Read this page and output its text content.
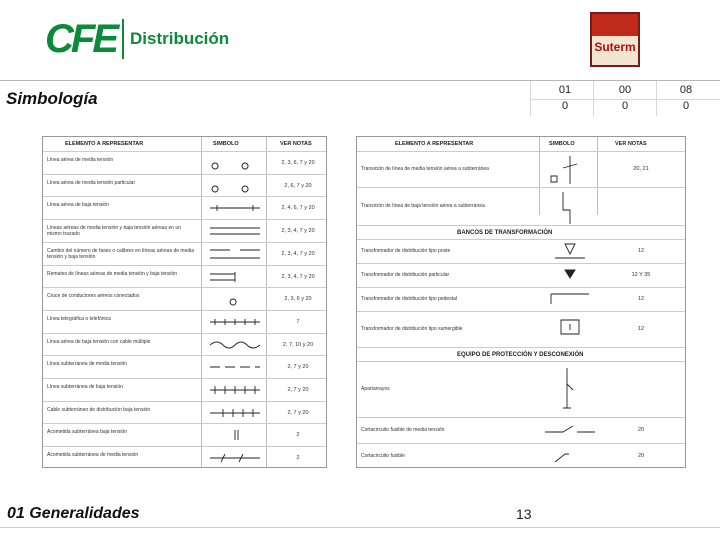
CFE Distribución	Suterm
Simbología	01	00	08
0	0	0
ELEMENTO A REPRESENTAR	SIMBOLO	VER NOTAS
Línea aérea de media tensión	2, 3, 6, 7 y 20
Línea aérea de media tensión particular	2, 6, 7 y 20
Línea aérea de baja tensión	2, 4, 6, 7 y 20
Líneas aéreas de media tensión y baja tensión aéreas en un mismo trazado	2, 3, 4, 7 y 20
Cambio del número de fases o calibres en líneas aéreas de media tensión y baja tensión	2, 3, 4, 7 y 20
Remates de líneas aéreas de media tensión y baja tensión	2, 3, 4, 7 y 20
Cruce de conductores aéreos conectados	2, 3, 6 y 20
Línea telegráfica o telefónica	7
Línea aérea de baja tensión con cable múltiple	2, 7, 10 y 20
Línea subterránea de media tensión	2, 7 y 20
Línea subterránea de baja tensión	2, 7 y 20
Cable subterráneo de distribución baja tensión	2, 7 y 20
Acometida subterránea baja tensión	2
Acometida subterránea de media tensión	2
ELEMENTO A REPRESENTAR	SIMBOLO	VER NOTAS
Transición de línea de media tensión aérea a subterránea	20, 21
Transición de línea de baja tensión aérea a subterránea
BANCOS DE TRANSFORMACIÓN
Transformador de distribución tipo poste	12
Transformador de distribución particular	12 Y 35
Transformador de distribución tipo pedestal	12
Transformador de distribución tipo sumergible	12
EQUIPO DE PROTECCIÓN Y DESCONEXIÓN
Apartarrayos
Cortacircuito fusible de media tensión	20
Cortacircuito fusible	20
01 Generalidades	13
